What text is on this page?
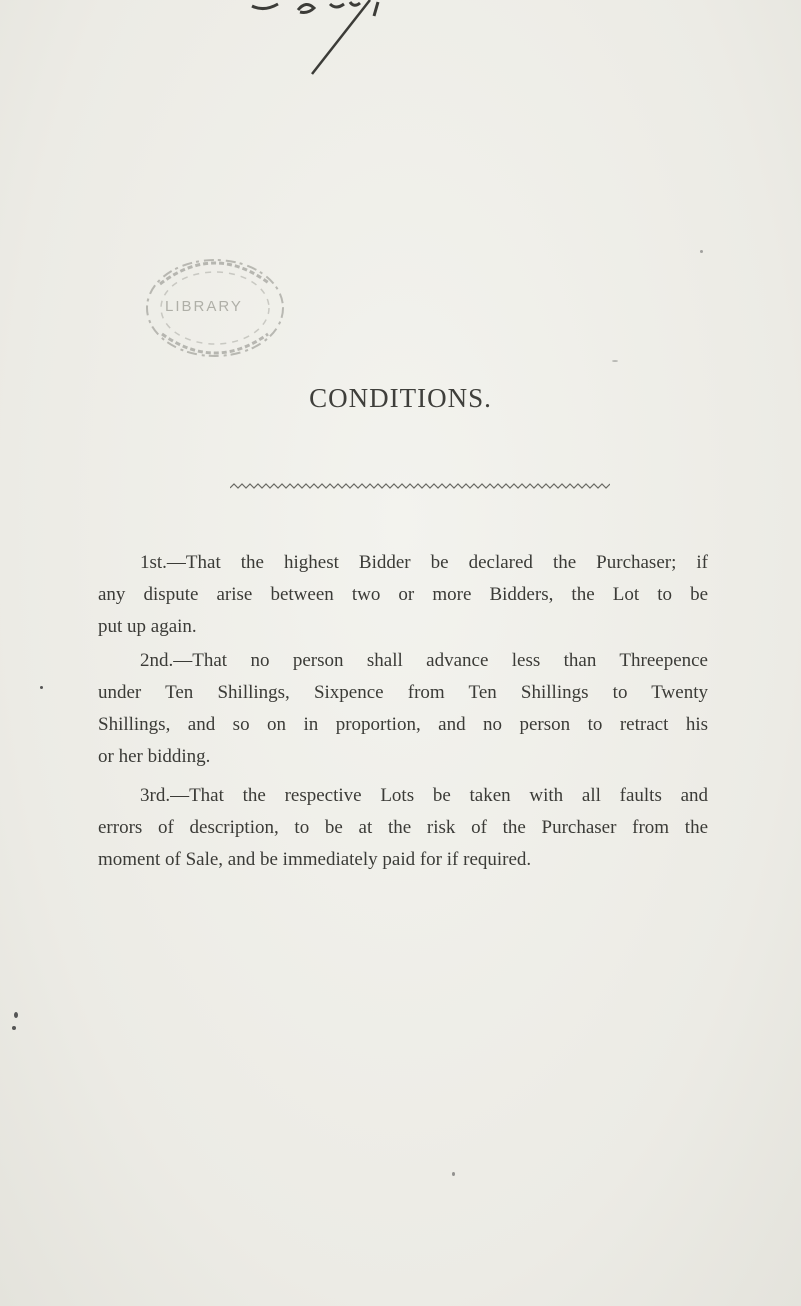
LIBRARY
CONDITIONS.

1st.—That the highest Bidder be declared the Purchaser; if
any dispute arise between two or more Bidders, the Lot to be
put up again.

2nd.—That no person shall advance less than Threepence
under Ten Shillings, Sixpence from Ten Shillings to Twenty
Shillings, and so on in proportion, and no person to retract his
or her bidding.

3rd.—That the respective Lots be taken with all faults and
errors of description, to be at the risk of the Purchaser from the
moment of Sale, and be immediately paid for if required.
